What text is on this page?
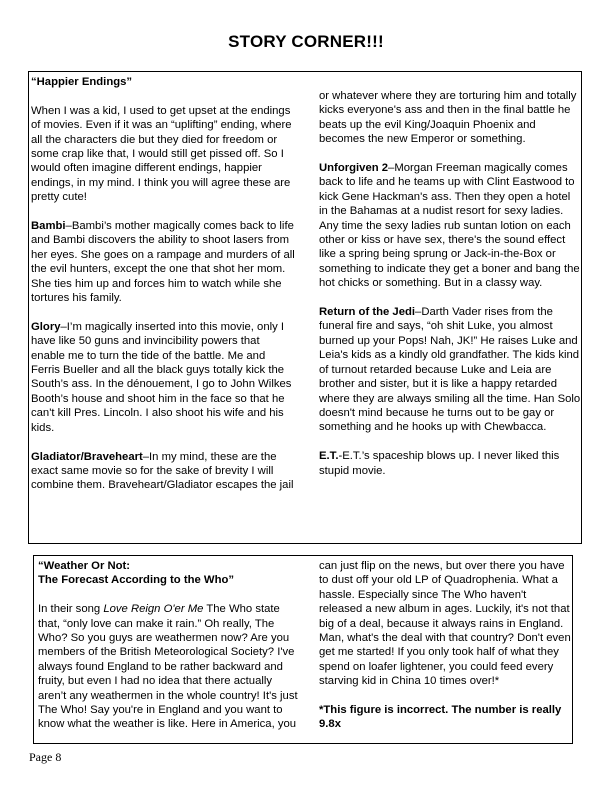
STORY CORNER!!!

“Happier Endings”

When I was a kid, I used to get upset at the endings of movies. Even if it was an “uplifting” ending, where all the characters die but they died for freedom or some crap like that, I would still get pissed off. So I would often imagine different endings, happier endings, in my mind. I think you will agree these are pretty cute!

Bambi–Bambi’s mother magically comes back to life and Bambi discovers the ability to shoot lasers from her eyes. She goes on a rampage and murders of all the evil hunters, except the one that shot her mom. She ties him up and forces him to watch while she tortures his family.

Glory–I’m magically inserted into this movie, only I have like 50 guns and invincibility powers that enable me to turn the tide of the battle. Me and Ferris Bueller and all the black guys totally kick the South’s ass. In the dénouement, I go to John Wilkes Booth’s house and shoot him in the face so that he can't kill Pres. Lincoln. I also shoot his wife and his kids.

Gladiator/Braveheart–In my mind, these are the exact same movie so for the sake of brevity I will combine them. Braveheart/Gladiator escapes the jail

or whatever where they are torturing him and totally kicks everyone's ass and then in the final battle he beats up the evil King/Joaquin Phoenix and becomes the new Emperor or something.

Unforgiven 2–Morgan Freeman magically comes back to life and he teams up with Clint Eastwood to kick Gene Hackman's ass. Then they open a hotel in the Bahamas at a nudist resort for sexy ladies. Any time the sexy ladies rub suntan lotion on each other or kiss or have sex, there's the sound effect like a spring being sprung or Jack-in-the-Box or something to indicate they get a boner and bang the hot chicks or something. But in a classy way.

Return of the Jedi–Darth Vader rises from the funeral fire and says, “oh shit Luke, you almost burned up your Pops! Nah, JK!” He raises Luke and Leia's kids as a kindly old grandfather. The kids kind of turnout retarded because Luke and Leia are brother and sister, but it is like a happy retarded where they are always smiling all the time. Han Solo doesn't mind because he turns out to be gay or something and he hooks up with Chewbacca.

E.T.-E.T.’s spaceship blows up. I never liked this stupid movie.

“Weather Or Not:
The Forecast According to the Who”

In their song Love Reign O'er Me The Who state that, “only love can make it rain.” Oh really, The Who? So you guys are weathermen now? Are you members of the British Meteorological Society? I've always found England to be rather backward and fruity, but even I had no idea that there actually aren’t any weathermen in the whole country! It's just The Who! Say you're in England and you want to know what the weather is like. Here in America, you

can just flip on the news, but over there you have to dust off your old LP of Quadrophenia. What a hassle. Especially since The Who haven't released a new album in ages. Luckily, it's not that big of a deal, because it always rains in England. Man, what's the deal with that country? Don't even get me started! If you only took half of what they spend on loafer lightener, you could feed every starving kid in China 10 times over!*

*This figure is incorrect. The number is really 9.8x

Page 8
